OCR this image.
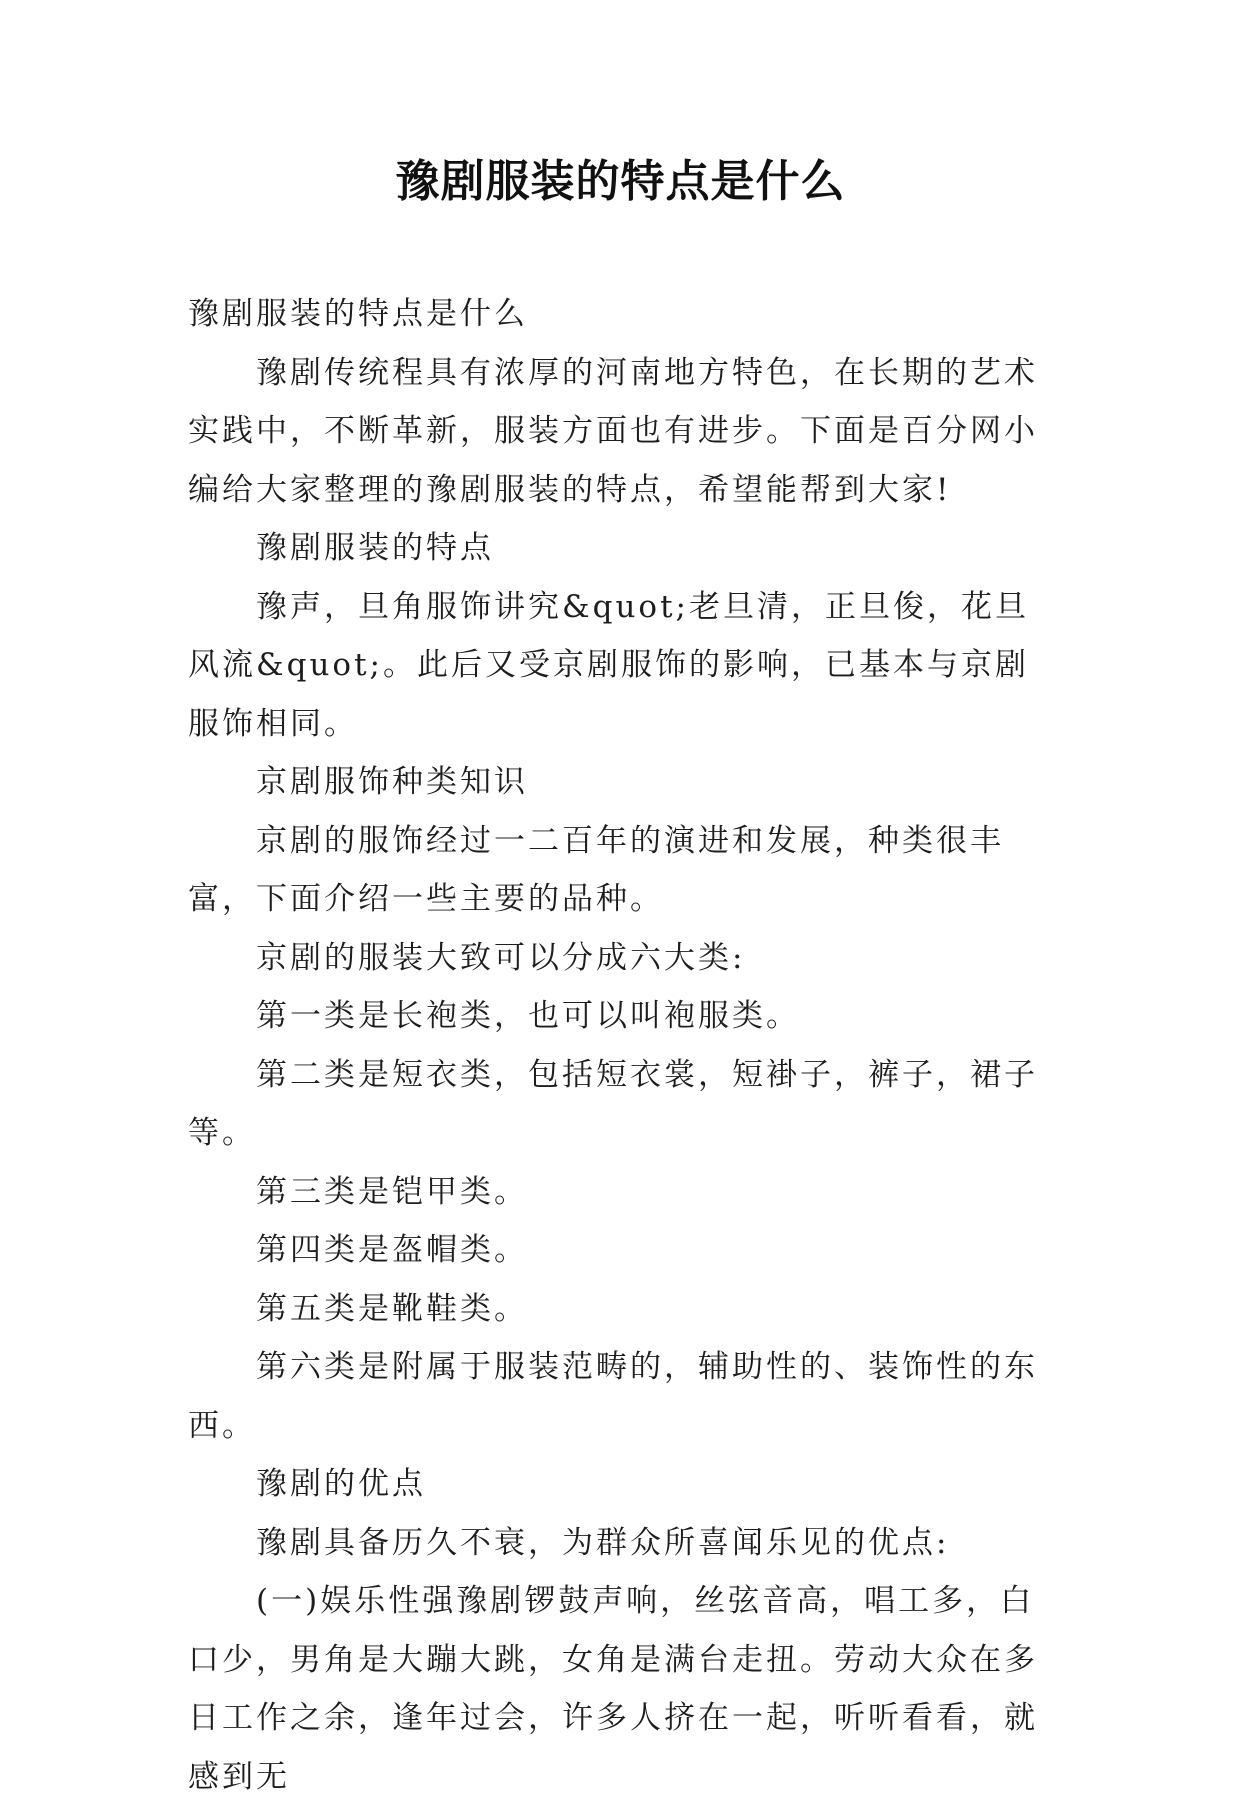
豫剧服装的特点是什么

豫剧服装的特点是什么

豫剧传统程具有浓厚的河南地方特色，在长期的艺术实践中，不断革新，服装方面也有进步。下面是百分网小编给大家整理的豫剧服装的特点，希望能帮到大家!

豫剧服装的特点

豫声，旦角服饰讲究&quot;老旦清，正旦俊，花旦风流&quot;。此后又受京剧服饰的影响，已基本与京剧服饰相同。

京剧服饰种类知识

京剧的服饰经过一二百年的演进和发展，种类很丰富，下面介绍一些主要的品种。

京剧的服装大致可以分成六大类:

第一类是长袍类，也可以叫袍服类。

第二类是短衣类，包括短衣裳，短褂子，裤子，裙子等。

第三类是铠甲类。

第四类是盔帽类。

第五类是靴鞋类。

第六类是附属于服装范畴的，辅助性的、装饰性的东西。

豫剧的优点

豫剧具备历久不衰，为群众所喜闻乐见的优点:

(一)娱乐性强豫剧锣鼓声响，丝弦音高，唱工多，白口少，男角是大蹦大跳，女角是满台走扭。劳动大众在多日工作之余，逢年过会，许多人挤在一起，听听看看，就感到无
